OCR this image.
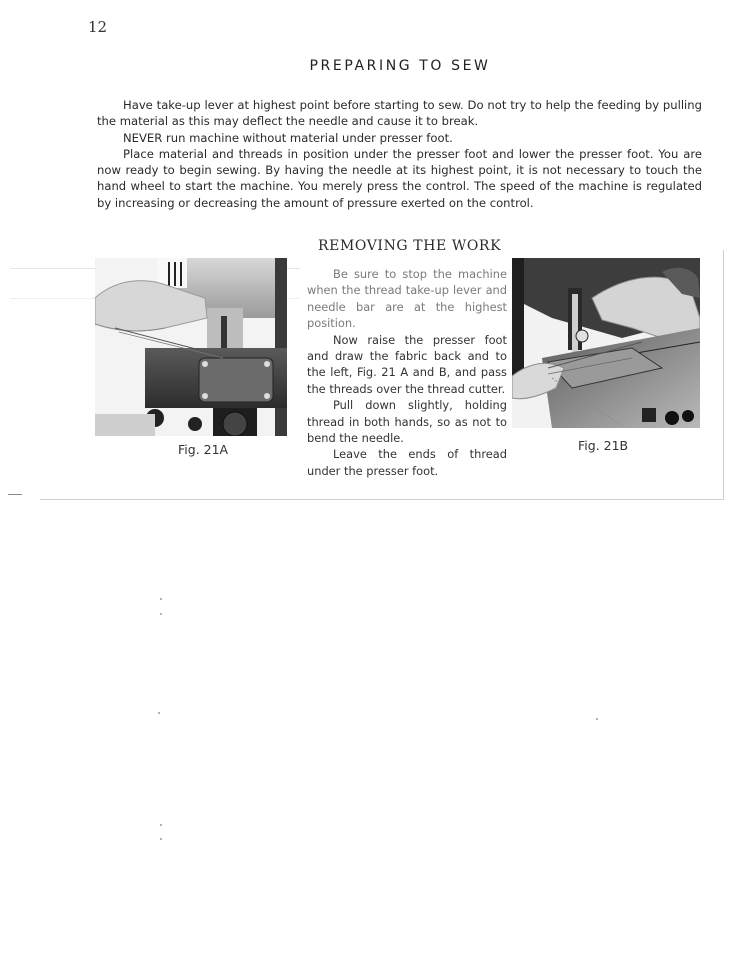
12
PREPARING TO SEW

Have take-up lever at highest point before starting to sew. Do not try to help the feeding by pulling the material as this may deflect the needle and cause it to break.

NEVER run machine without material under presser foot.

Place material and threads in position under the presser foot and lower the presser foot. You are now ready to begin sewing. By having the needle at its highest point, it is not necessary to touch the hand wheel to start the machine. You merely press the control. The speed of the machine is regulated by increasing or decreasing the amount of pressure exerted on the control.

Fig. 21A
REMOVING THE WORK

Be sure to stop the machine when the thread take-up lever and needle bar are at the highest position.

Now raise the presser foot and draw the fabric back and to the left, Fig. 21 A and B, and pass the threads over the thread cutter.

Pull down slightly, holding thread in both hands, so as not to bend the needle.

Leave the ends of thread under the presser foot.

Fig. 21B
